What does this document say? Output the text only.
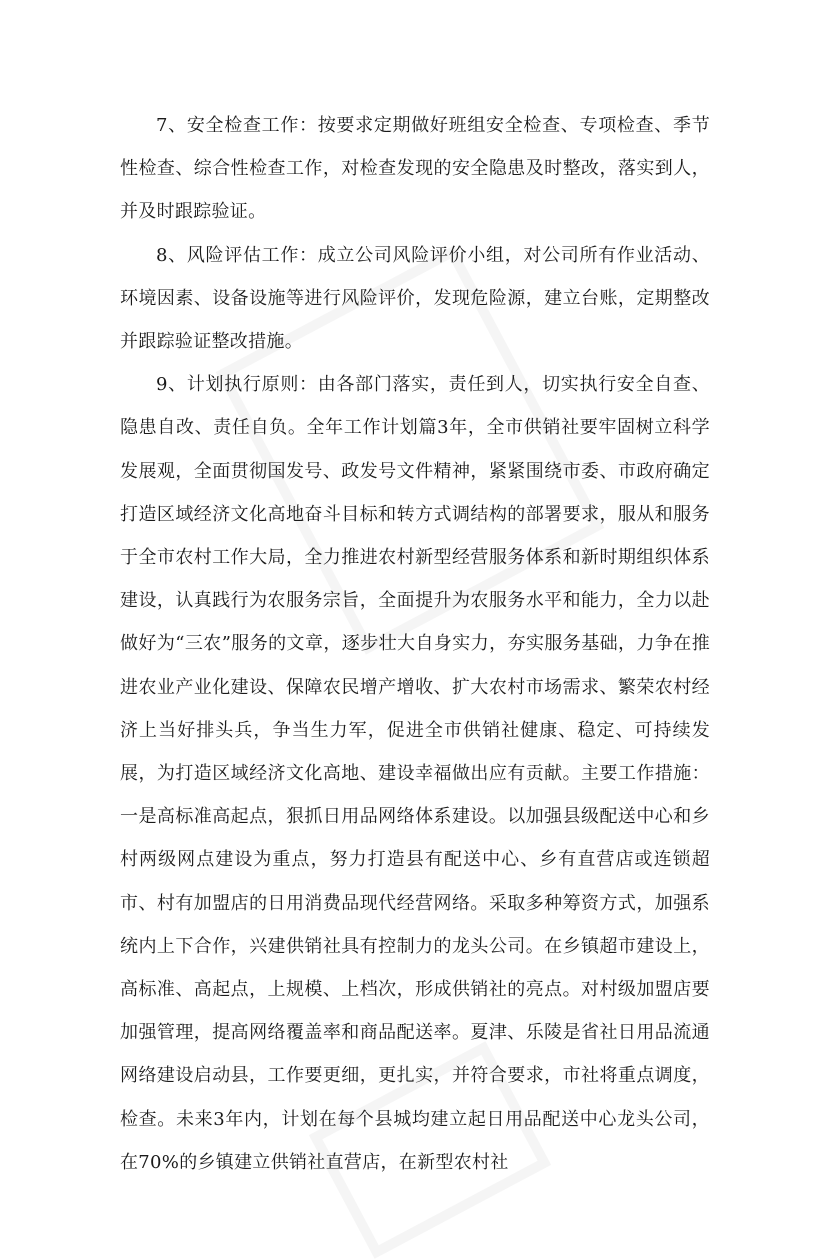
7、安全检查工作：按要求定期做好班组安全检查、专项检查、季节性检查、综合性检查工作，对检查发现的安全隐患及时整改，落实到人，并及时跟踪验证。

8、风险评估工作：成立公司风险评价小组，对公司所有作业活动、环境因素、设备设施等进行风险评价，发现危险源，建立台账，定期整改并跟踪验证整改措施。

9、计划执行原则：由各部门落实，责任到人，切实执行安全自查、隐患自改、责任自负。全年工作计划篇3年，全市供销社要牢固树立科学发展观，全面贯彻国发号、政发号文件精神，紧紧围绕市委、市政府确定打造区域经济文化高地奋斗目标和转方式调结构的部署要求，服从和服务于全市农村工作大局，全力推进农村新型经营服务体系和新时期组织体系建设，认真践行为农服务宗旨，全面提升为农服务水平和能力，全力以赴做好为“三农”服务的文章，逐步壮大自身实力，夯实服务基础，力争在推进农业产业化建设、保障农民增产增收、扩大农村市场需求、繁荣农村经济上当好排头兵，争当生力军，促进全市供销社健康、稳定、可持续发展，为打造区域经济文化高地、建设幸福做出应有贡献。主要工作措施：一是高标准高起点，狠抓日用品网络体系建设。以加强县级配送中心和乡村两级网点建设为重点，努力打造县有配送中心、乡有直营店或连锁超市、村有加盟店的日用消费品现代经营网络。采取多种筹资方式，加强系统内上下合作，兴建供销社具有控制力的龙头公司。在乡镇超市建设上，高标准、高起点，上规模、上档次，形成供销社的亮点。对村级加盟店要加强管理，提高网络覆盖率和商品配送率。夏津、乐陵是省社日用品流通网络建设启动县，工作要更细，更扎实，并符合要求，市社将重点调度，检查。未来3年内，计划在每个县城均建立起日用品配送中心龙头公司，在70%的乡镇建立供销社直营店，在新型农村社
